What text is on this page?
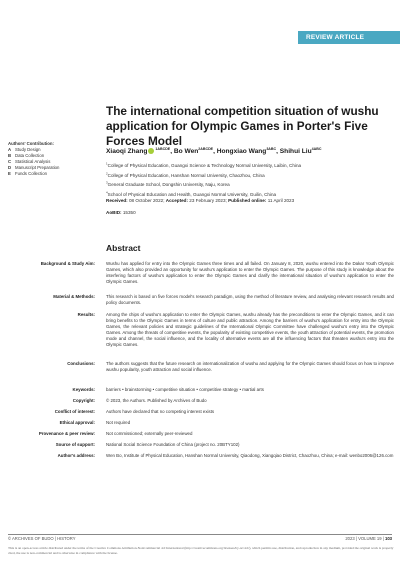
REVIEW ARTICLE
The international competition situation of wushu application for Olympic Games in Porter's Five Forces Model
Authors' Contribution:
A Study Design
B Data Collection
C Statistical Analysis
D Manuscript Preparation
E Funds Collection
Xiaoqi Zhang $^{1ABCDE}$, Bo Wen$^{2ABCDE}$, Hongxiao Wang$^{3ABC}$, Shihui Liu$^{4ABC}$
$^1$College of Physical Education, Guangxi Science & Technology Normal University, Laibin, China
$^2$College of Physical Education, Hanshan Normal University, Chaozhou, China
$^3$General Graduate School, Dongshin University, Naju, Korea
$^4$School of Physical Education and Health, Guangxi Normal University, Guilin, China
Received: 08 October 2022; Accepted: 23 February 2023; Published online: 11 April 2023
AoBID: 15350
Abstract
Background & Study Aim:	Wushu has applied for entry into the Olympic Games three times and all failed. On January 8, 2020, wushu entered into the Dakar Youth Olympic Games, which also provided an opportunity for wushu's application to enter the Olympic Games. The purpose of this study is knowledge about the interfering factors of wushu's application to enter the Olympic Games and clarify the international situation of wushu's application to enter the Olympic Games.
Material & Methods:	This research is based on five forces model's research paradigm, using the method of literature review, and analysing relevant research results and policy documents.
Results:	Among the chips of wushu's application to enter the Olympic Games, wushu already has the preconditions to enter the Olympic Games, and it can bring benefits to the Olympic Games in terms of culture and public attraction. Among the barriers of wushu's application for entry into the Olympic Games, the relevant policies and strategic guidelines of the International Olympic Committee have challenged wushu's entry into the Olympic Games. Among the threats of competitive events, the popularity of existing competitive events, the youth attraction of potential events, the promotion mode and channel, the social influence, and the locality of alternative events are all the influencing factors that threaten wushu's entry into the Olympic Games.
Conclusions:	The authors suggests that the future research on internationalization of wushu and applying for the Olympic Games should focus on how to improve wushu popularity, youth attraction and social influence.
Keywords:	barriers • brainstorming • competitive situation • competitive strategy • martial arts
Copyright:	© 2023, the Authors. Published by Archives of Budo
Conflict of interest:	Authors have declared that no competing interest exists
Ethical approval:	Not required
Provenance & peer review:	Not commissioned; externally peer-reviewed
Source of support:	National Social Science Foundation of China (project no. 20BTY102)
Author's address:	Wen Bo, Institute of Physical Education, Hanshan Normal University, Qiaodong, Xiangqiao District, Chaozhou, China; e-mail: wenbo2006@126.com
© ARCHIVES OF BUDO | HISTORY	2023 | VOLUME 19 | 103
This is an open-access article distributed under the terms of the Creative Commons Attribution-NonCommercial 4.0 International (http://creativecommons.org/licenses/by-nc/4.0/), which permits use, distribution, and reproduction in any medium, provided the original work is properly cited, the use is non-commercial and is otherwise in compliance with the license.
